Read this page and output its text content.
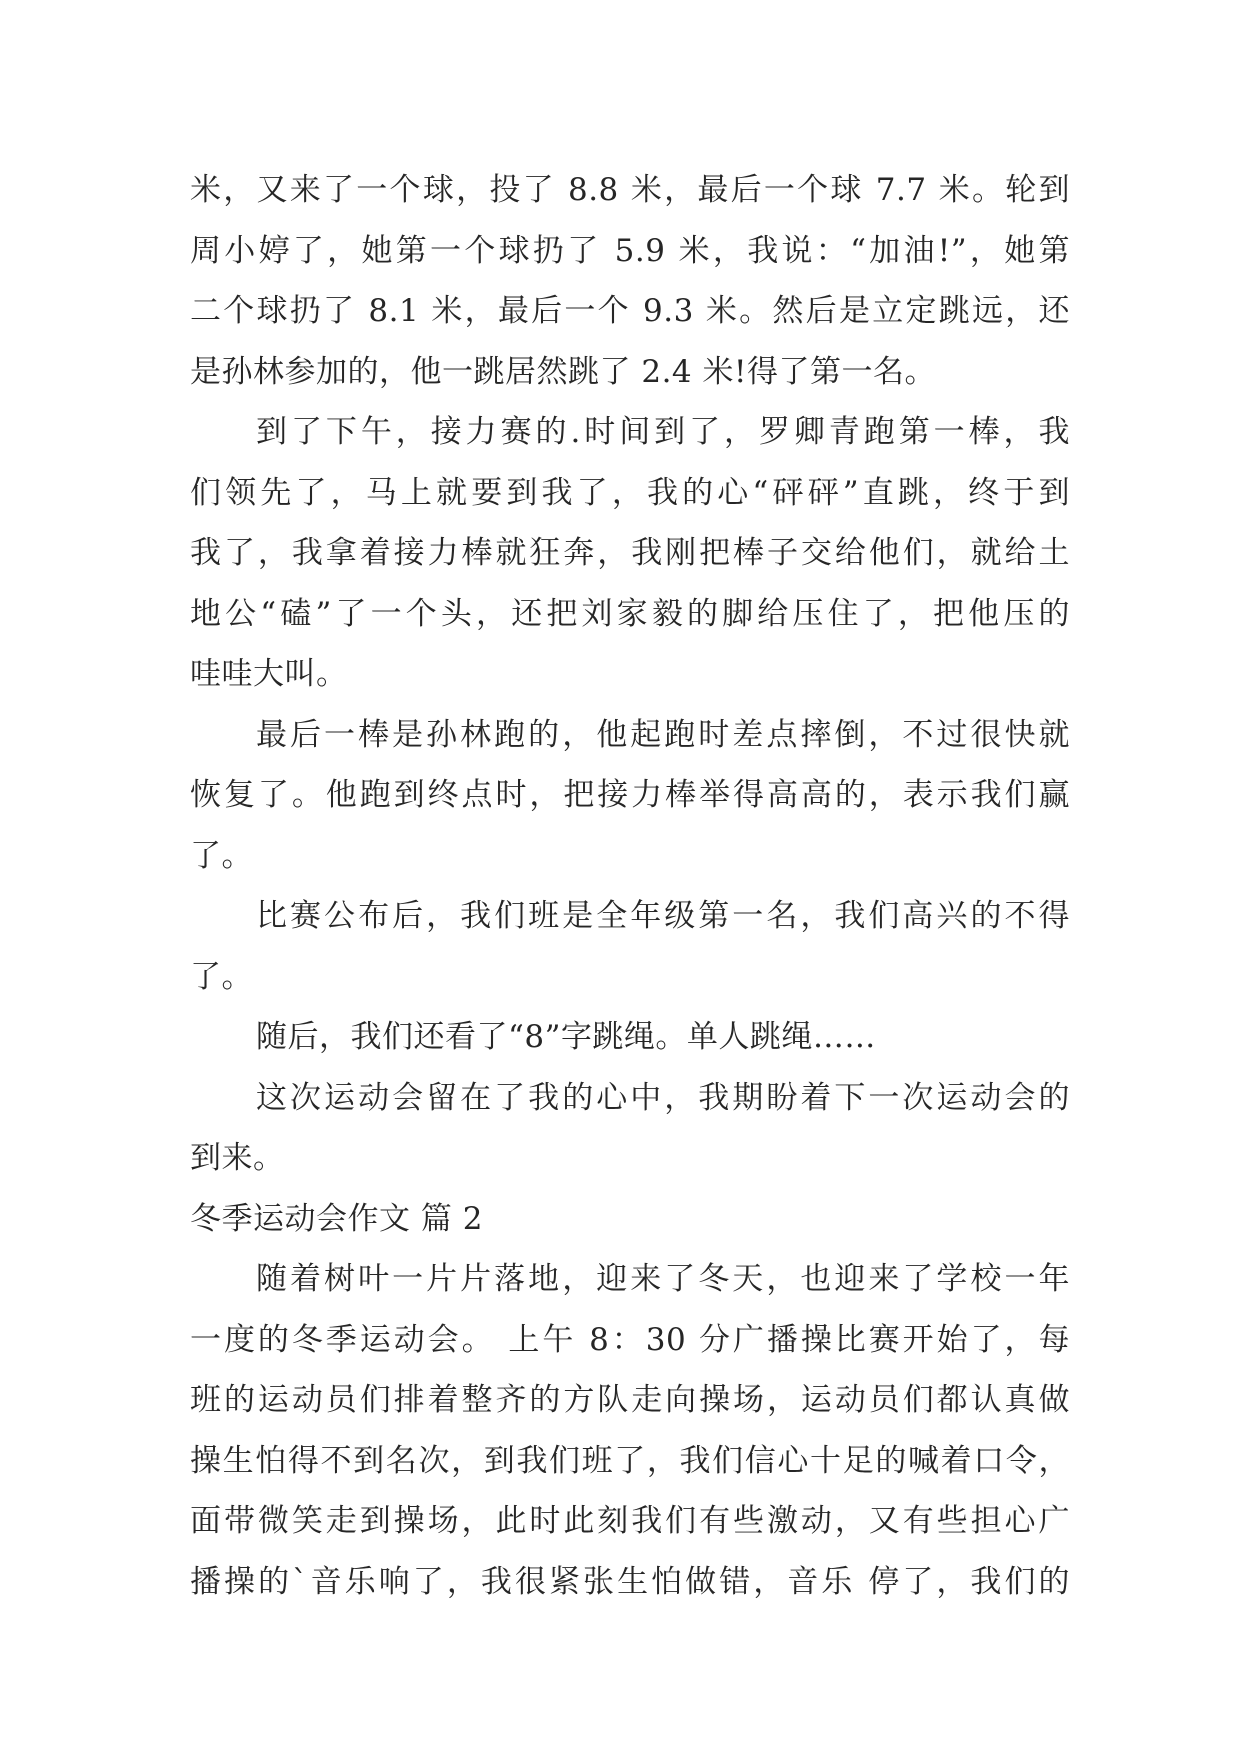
米，又来了一个球，投了 8.8 米，最后一个球 7.7 米。轮到
周小婷了，她第一个球扔了 5.9 米，我说：“加油!”，她第
二个球扔了 8.1 米，最后一个 9.3 米。然后是立定跳远，还
是孙林参加的，他一跳居然跳了 2.4 米!得了第一名。
到了下午，接力赛的.时间到了，罗卿青跑第一棒，我
们领先了，马上就要到我了，我的心“砰砰”直跳，终于到
我了，我拿着接力棒就狂奔，我刚把棒子交给他们，就给土
地公“磕”了一个头，还把刘家毅的脚给压住了，把他压的
哇哇大叫。
最后一棒是孙林跑的，他起跑时差点摔倒，不过很快就
恢复了。他跑到终点时，把接力棒举得高高的，表示我们赢
了。
比赛公布后，我们班是全年级第一名，我们高兴的不得
了。
随后，我们还看了“8”字跳绳。单人跳绳……
这次运动会留在了我的心中，我期盼着下一次运动会的
到来。
冬季运动会作文 篇 2
随着树叶一片片落地，迎来了冬天，也迎来了学校一年
一度的冬季运动会。 上午 8：30 分广播操比赛开始了，每
班的运动员们排着整齐的方队走向操场，运动员们都认真做
操生怕得不到名次，到我们班了，我们信心十足的喊着口令，
面带微笑走到操场，此时此刻我们有些激动，又有些担心广
播操的`音乐响了，我很紧张生怕做错，音乐 停了，我们的
